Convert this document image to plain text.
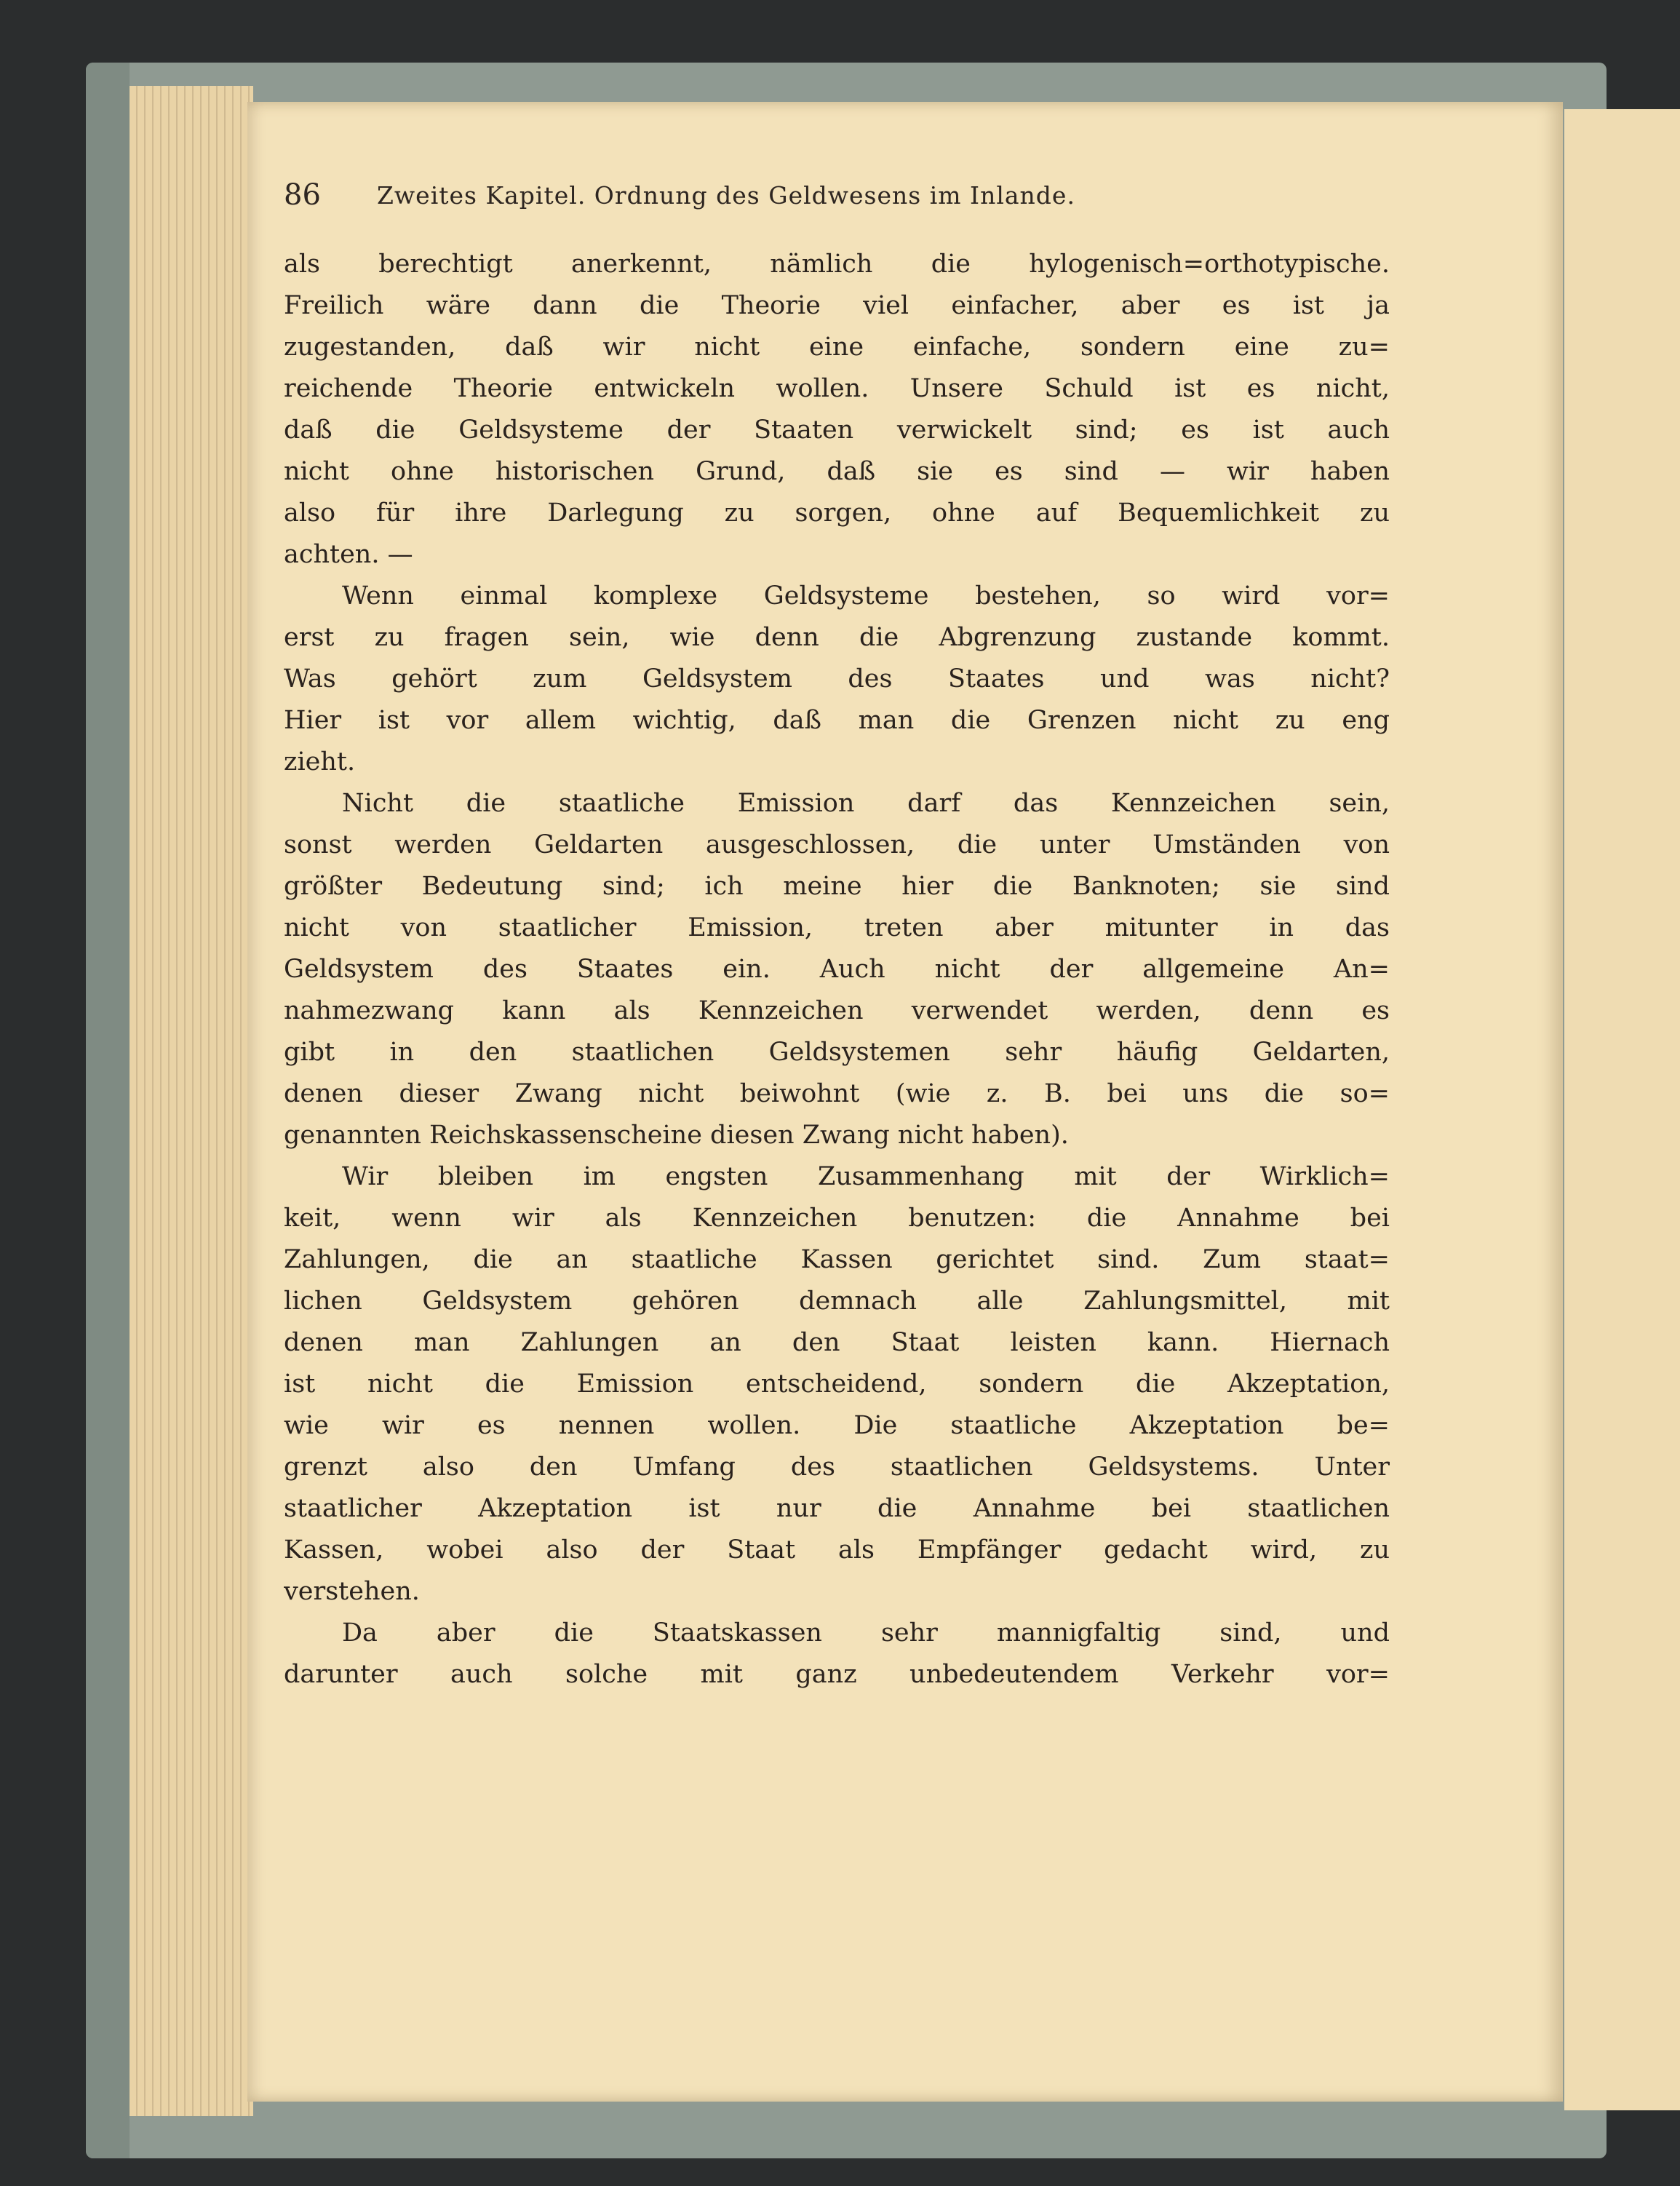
86 Zweites Kapitel. Ordnung des Geldwesens im Inlande.
als berechtigt anerkennt, nämlich die hylogenisch=orthotypische.
Freilich wäre dann die Theorie viel einfacher, aber es ist ja
zugestanden, daß wir nicht eine einfache, sondern eine zu=
reichende Theorie entwickeln wollen. Unsere Schuld ist es nicht,
daß die Geldsysteme der Staaten verwickelt sind; es ist auch
nicht ohne historischen Grund, daß sie es sind — wir haben
also für ihre Darlegung zu sorgen, ohne auf Bequemlichkeit zu
achten. —
Wenn einmal komplexe Geldsysteme bestehen, so wird vor=
erst zu fragen sein, wie denn die Abgrenzung zustande kommt.
Was gehört zum Geldsystem des Staates und was nicht?
Hier ist vor allem wichtig, daß man die Grenzen nicht zu eng
zieht.
Nicht die staatliche Emission darf das Kennzeichen sein,
sonst werden Geldarten ausgeschlossen, die unter Umständen von
größter Bedeutung sind; ich meine hier die Banknoten; sie sind
nicht von staatlicher Emission, treten aber mitunter in das
Geldsystem des Staates ein. Auch nicht der allgemeine An=
nahmezwang kann als Kennzeichen verwendet werden, denn es
gibt in den staatlichen Geldsystemen sehr häufig Geldarten,
denen dieser Zwang nicht beiwohnt (wie z. B. bei uns die so=
genannten Reichskassenscheine diesen Zwang nicht haben).
Wir bleiben im engsten Zusammenhang mit der Wirklich=
keit, wenn wir als Kennzeichen benutzen: die Annahme bei
Zahlungen, die an staatliche Kassen gerichtet sind. Zum staat=
lichen Geldsystem gehören demnach alle Zahlungsmittel, mit
denen man Zahlungen an den Staat leisten kann. Hiernach
ist nicht die Emission entscheidend, sondern die Akzeptation,
wie wir es nennen wollen. Die staatliche Akzeptation be=
grenzt also den Umfang des staatlichen Geldsystems. Unter
staatlicher Akzeptation ist nur die Annahme bei staatlichen
Kassen, wobei also der Staat als Empfänger gedacht wird, zu
verstehen.
Da aber die Staatskassen sehr mannigfaltig sind, und
darunter auch solche mit ganz unbedeutendem Verkehr vor=
